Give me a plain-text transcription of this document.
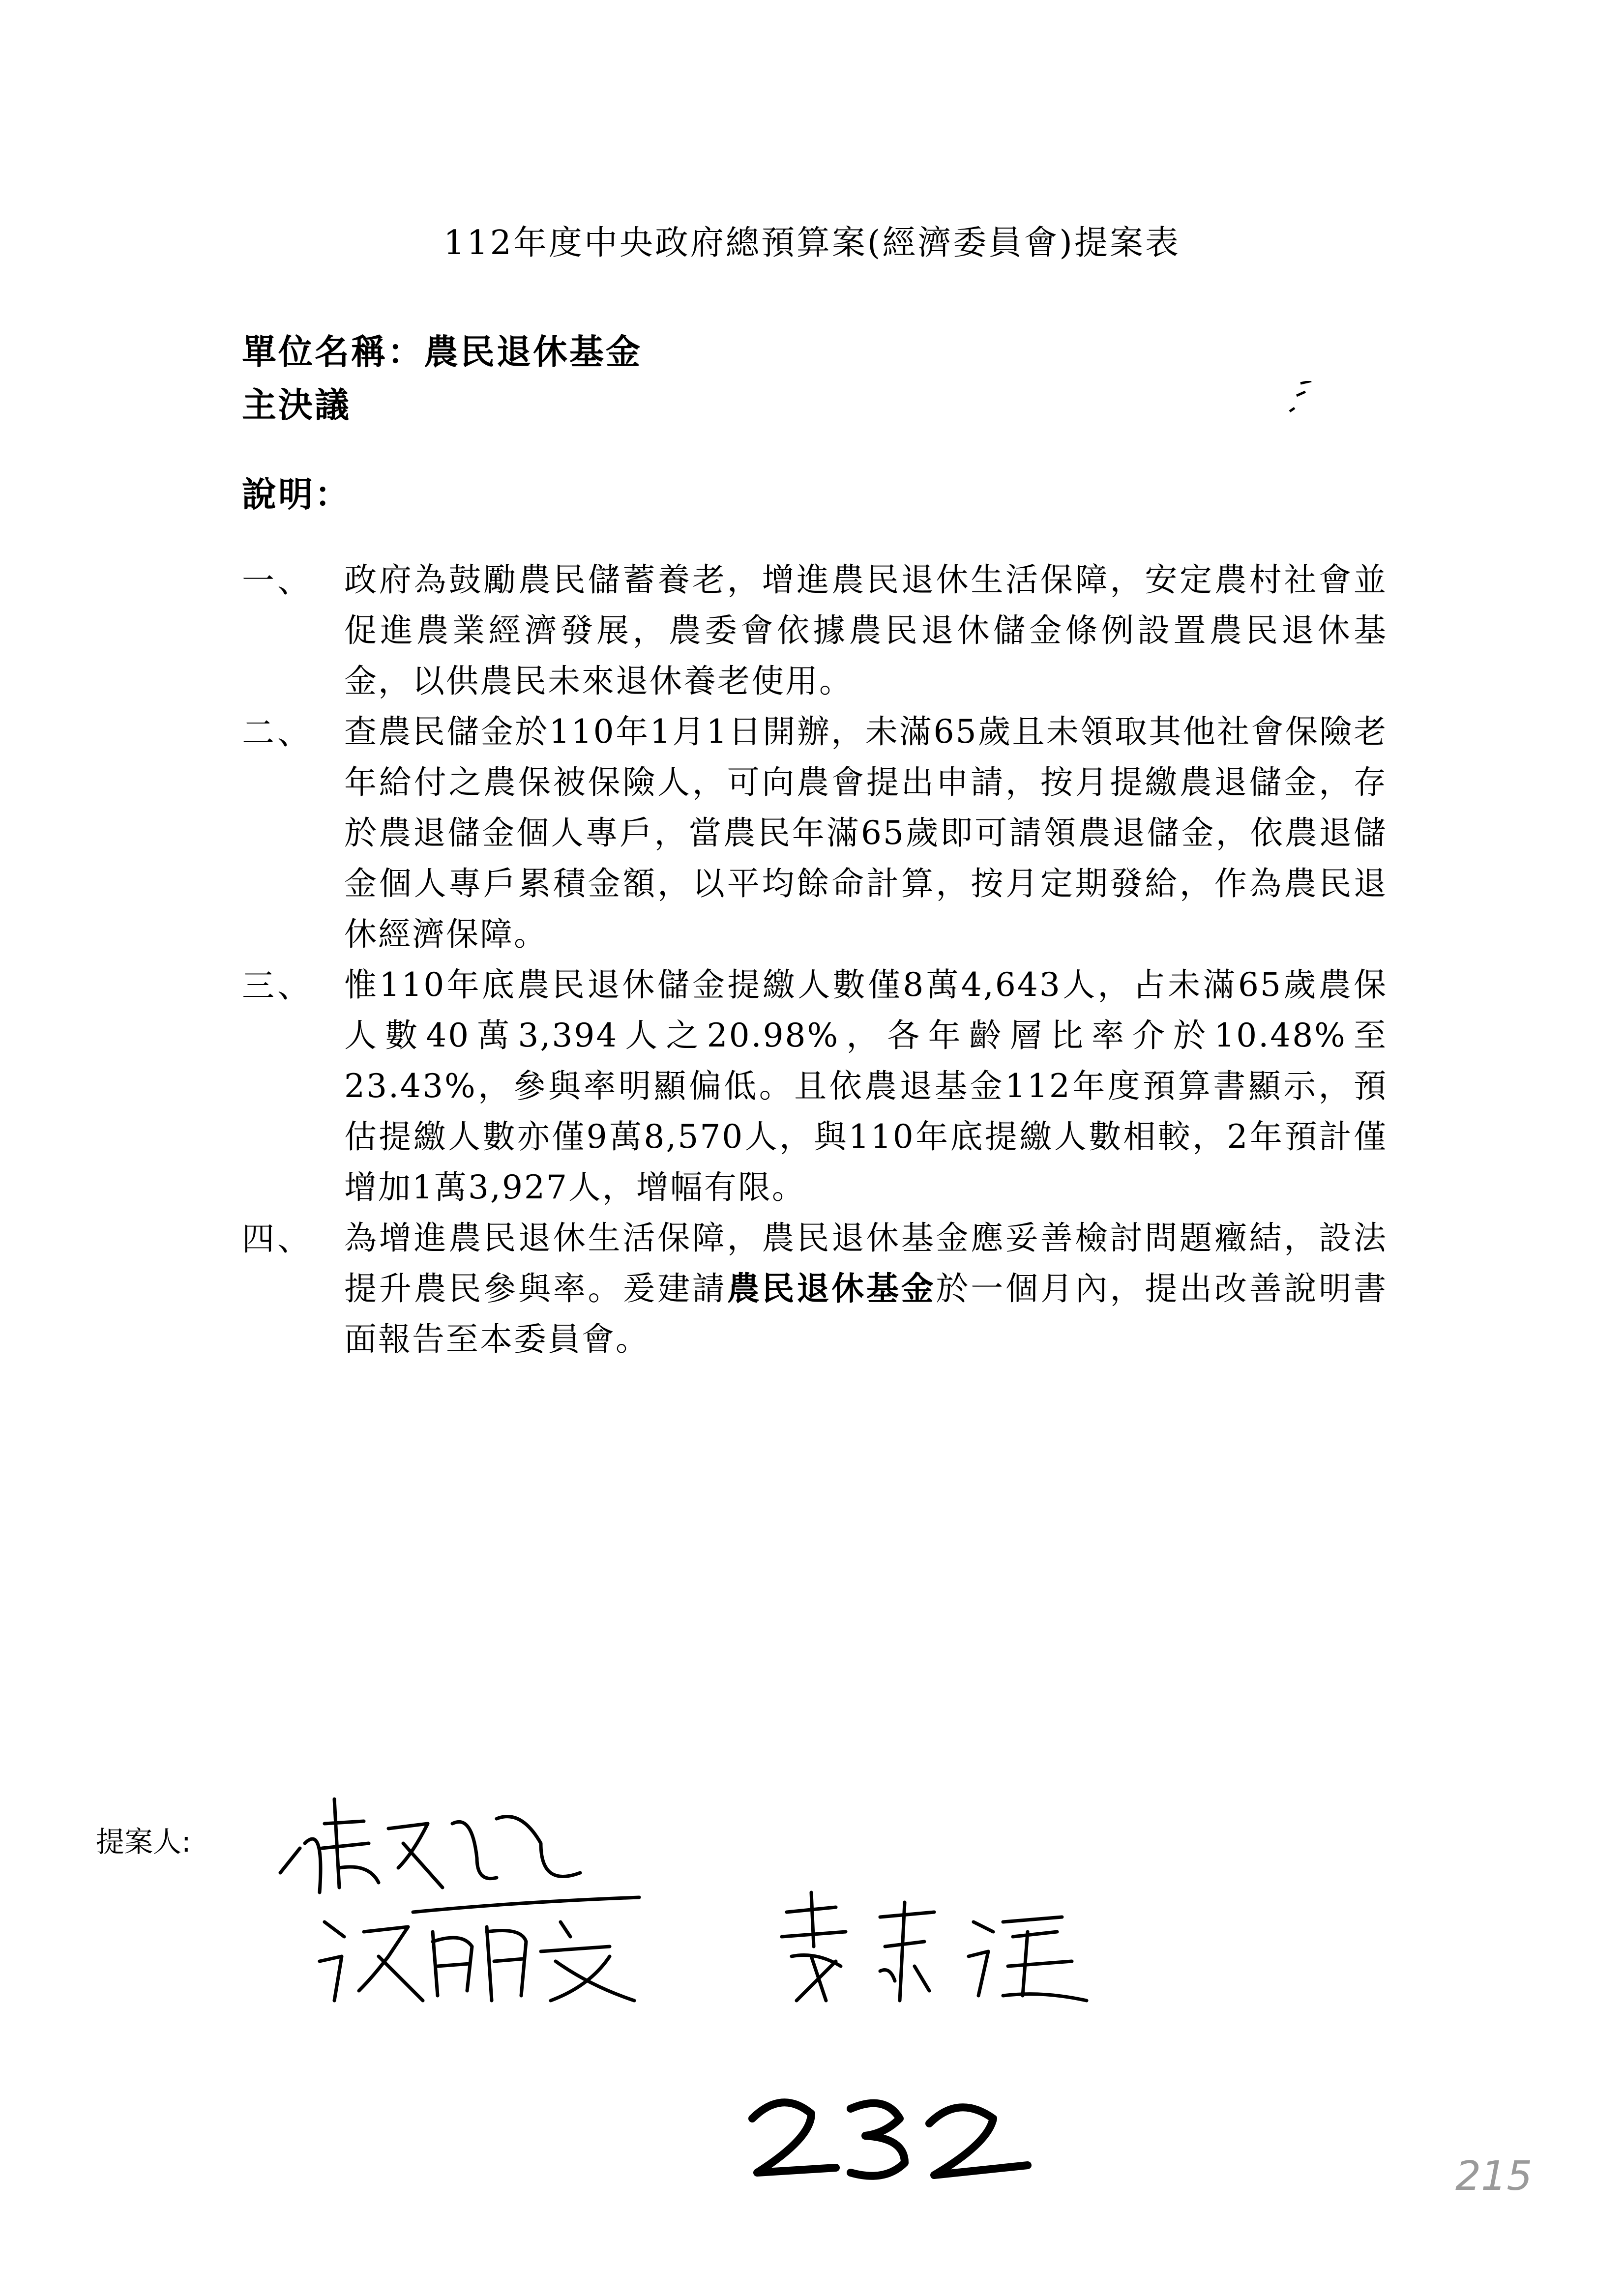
112年度中央政府總預算案(經濟委員會)提案表
單位名稱：農民退休基金
主決議
說明：
一、 政府為鼓勵農民儲蓄養老，增進農民退休生活保障，安定農村社會並促進農業經濟發展，農委會依據農民退休儲金條例設置農民退休基金，以供農民未來退休養老使用。
二、 查農民儲金於110年1月1日開辦，未滿65歲且未領取其他社會保險老年給付之農保被保險人，可向農會提出申請，按月提繳農退儲金，存於農退儲金個人專戶，當農民年滿65歲即可請領農退儲金，依農退儲金個人專戶累積金額，以平均餘命計算，按月定期發給，作為農民退休經濟保障。
三、 惟110年底農民退休儲金提繳人數僅8萬4,643人，占未滿65歲農保人數40萬3,394人之20.98%，各年齡層比率介於10.48%至23.43%，參與率明顯偏低。且依農退基金112年度預算書顯示，預估提繳人數亦僅9萬8,570人，與110年底提繳人數相較，2年預計僅增加1萬3,927人，增幅有限。
四、 為增進農民退休生活保障，農民退休基金應妥善檢討問題癥結，設法提升農民參與率。爰建請農民退休基金於一個月內，提出改善說明書面報告至本委員會。
提案人:
215
